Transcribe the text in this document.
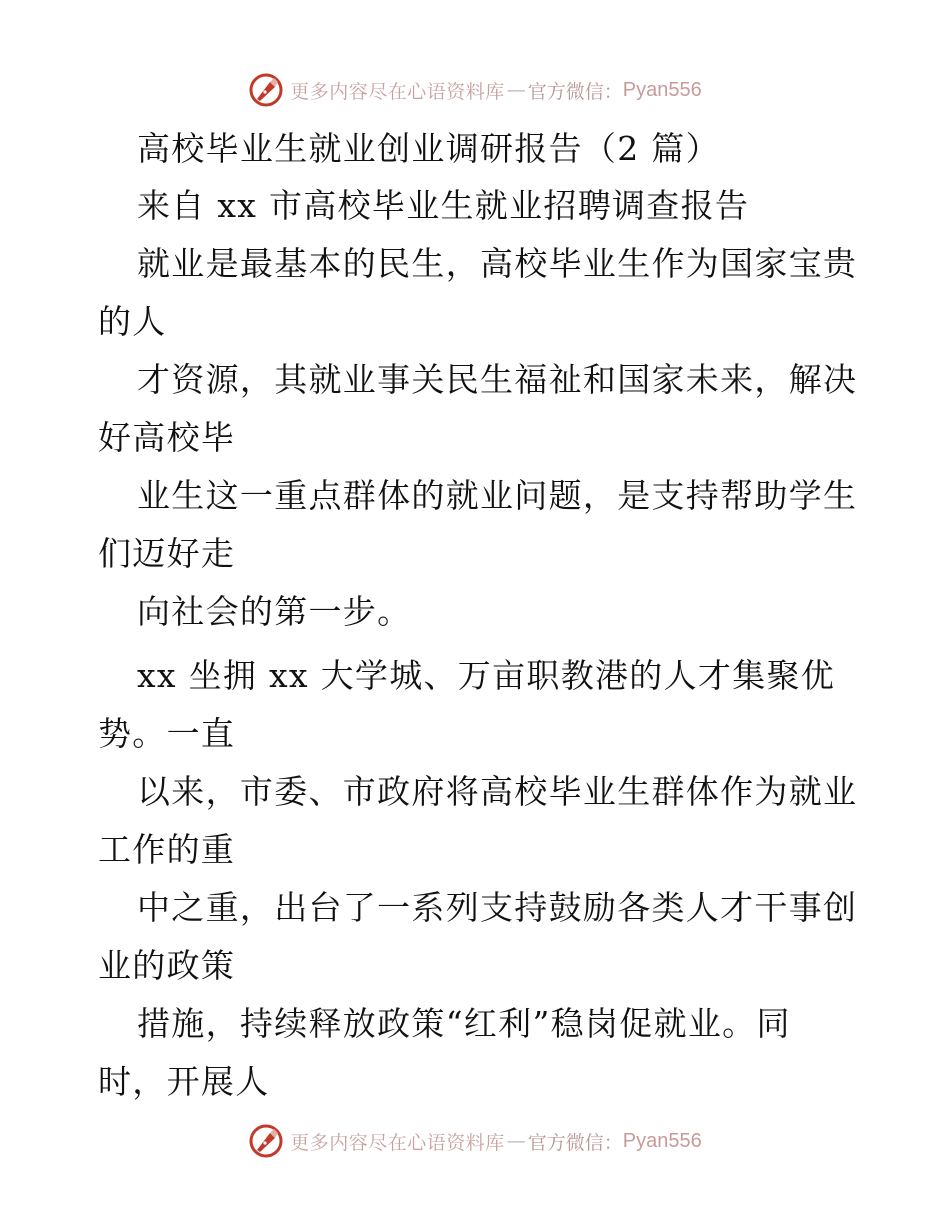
更多内容尽在心语资料库 — 官方微信： Pyan556
高校毕业生就业创业调研报告（2 篇）
来自 xx 市高校毕业生就业招聘调查报告
就业是最基本的民生，高校毕业生作为国家宝贵
的人
才资源，其就业事关民生福祉和国家未来，解决
好高校毕
业生这一重点群体的就业问题，是支持帮助学生
们迈好走
向社会的第一步。
xx 坐拥 xx 大学城、万亩职教港的人才集聚优
势。一直
以来，市委、市政府将高校毕业生群体作为就业
工作的重
中之重，出台了一系列支持鼓励各类人才干事创
业的政策
措施，持续释放政策“红利”稳岗促就业。同
时，开展人
更多内容尽在心语资料库 — 官方微信： Pyan556
